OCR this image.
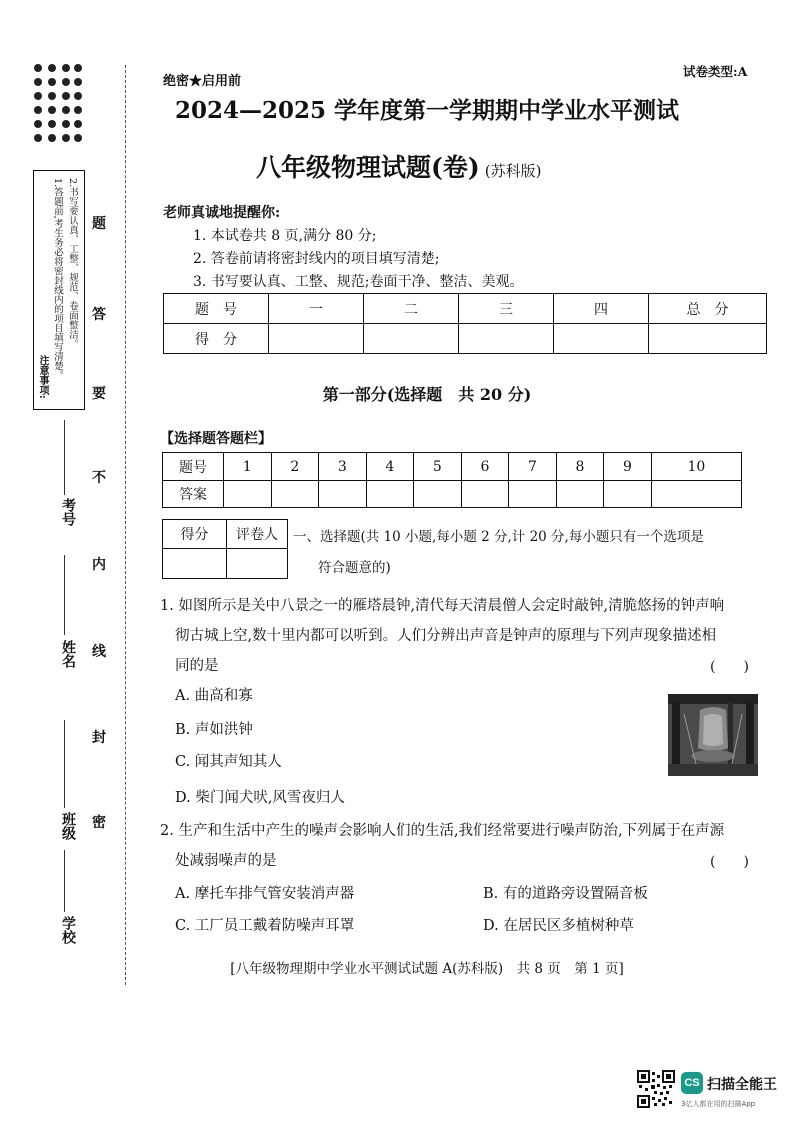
注意事项: 1.答题前,考生务必将密封线内的项目填写清楚。 2.书写要认真、工整、规范、卷面整洁。
考号
姓名
班级
学校
题
答
要
不
内
线
封
密
绝密★启用前
试卷类型:A
2024—2025 学年度第一学期期中学业水平测试
八年级物理试题(卷) (苏科版)
老师真诚地提醒你:
1. 本试卷共 8 页,满分 80 分;
2. 答卷前请将密封线内的项目填写清楚;
3. 书写要认真、工整、规范;卷面干净、整洁、美观。
题　号	一	二	三	四	总　分
得　分					
第一部分(选择题　共 20 分)
【选择题答题栏】
题号	1	2	3	4	5	6	7	8	9	10
答案										
得分	评卷人
	一、选择题(共 10 小题,每小题 2 分,计 20 分,每小题只有一个选项是
符合题意的)
1. 如图所示是关中八景之一的雁塔晨钟,清代每天清晨僧人会定时敲钟,清脆悠扬的钟声响
彻古城上空,数十里内都可以听到。人们分辨出声音是钟声的原理与下列声现象描述相
同的是	(　　)
A. 曲高和寡
B. 声如洪钟
C. 闻其声知其人
D. 柴门闻犬吠,风雪夜归人
2. 生产和生活中产生的噪声会影响人们的生活,我们经常要进行噪声防治,下列属于在声源
处减弱噪声的是	(　　)
A. 摩托车排气管安装消声器	B. 有的道路旁设置隔音板
C. 工厂员工戴着防噪声耳罩	D. 在居民区多植树种草
[八年级物理期中学业水平测试试题 A(苏科版)　共 8 页　第 1 页]
CS 扫描全能王
3亿人都在用的扫描App
